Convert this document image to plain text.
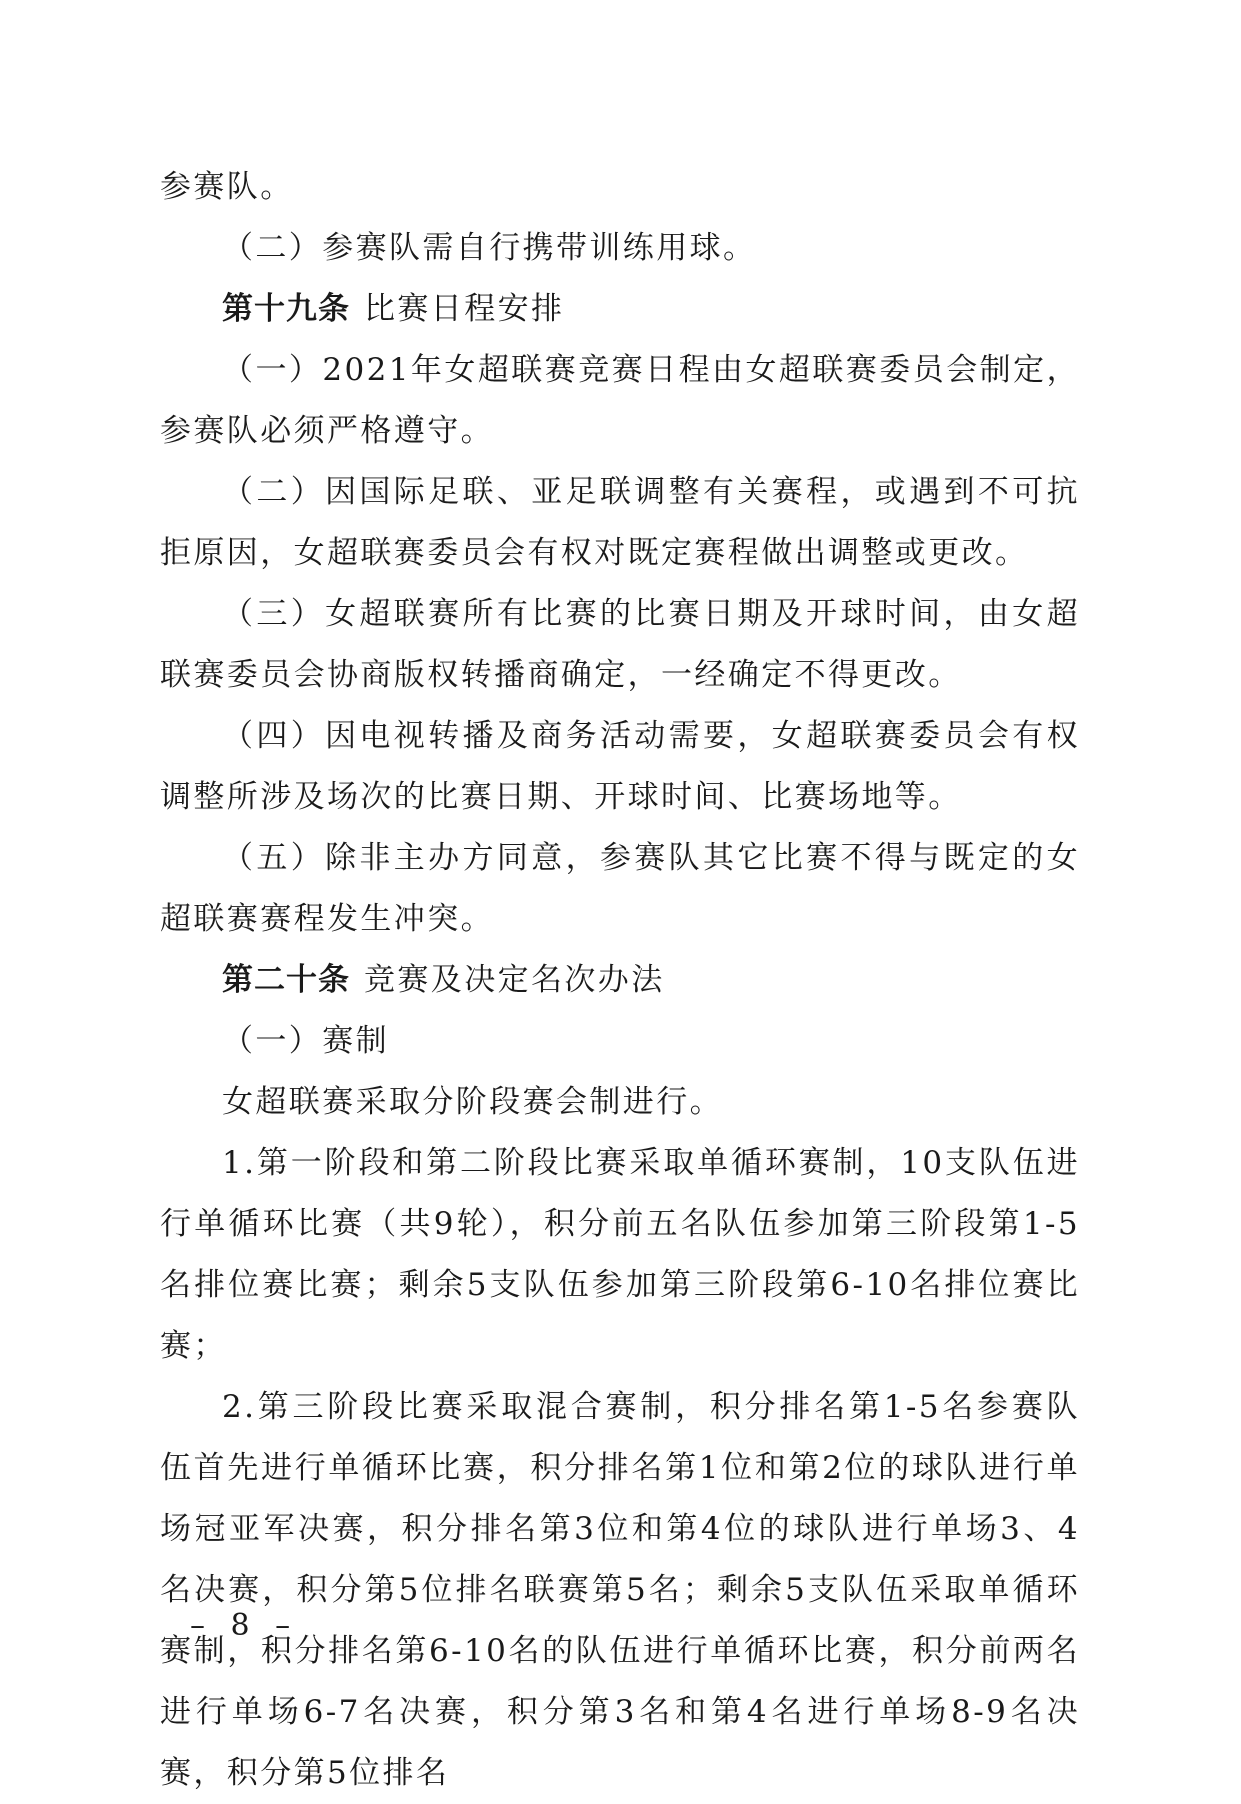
参赛队。

（二）参赛队需自行携带训练用球。

第十九条 比赛日程安排

（一）2021年女超联赛竞赛日程由女超联赛委员会制定，参赛队必须严格遵守。

（二）因国际足联、亚足联调整有关赛程，或遇到不可抗拒原因，女超联赛委员会有权对既定赛程做出调整或更改。

（三）女超联赛所有比赛的比赛日期及开球时间，由女超联赛委员会协商版权转播商确定，一经确定不得更改。

（四）因电视转播及商务活动需要，女超联赛委员会有权调整所涉及场次的比赛日期、开球时间、比赛场地等。

（五）除非主办方同意，参赛队其它比赛不得与既定的女超联赛赛程发生冲突。

第二十条 竞赛及决定名次办法

（一）赛制

女超联赛采取分阶段赛会制进行。

1.第一阶段和第二阶段比赛采取单循环赛制，10支队伍进行单循环比赛（共9轮），积分前五名队伍参加第三阶段第1-5名排位赛比赛；剩余5支队伍参加第三阶段第6-10名排位赛比赛；

2.第三阶段比赛采取混合赛制，积分排名第1-5名参赛队伍首先进行单循环比赛，积分排名第1位和第2位的球队进行单场冠亚军决赛，积分排名第3位和第4位的球队进行单场3、4名决赛，积分第5位排名联赛第5名；剩余5支队伍采取单循环赛制，积分排名第6-10名的队伍进行单循环比赛，积分前两名进行单场6-7名决赛，积分第3名和第4名进行单场8-9名决赛，积分第5位排名

– 8 –
